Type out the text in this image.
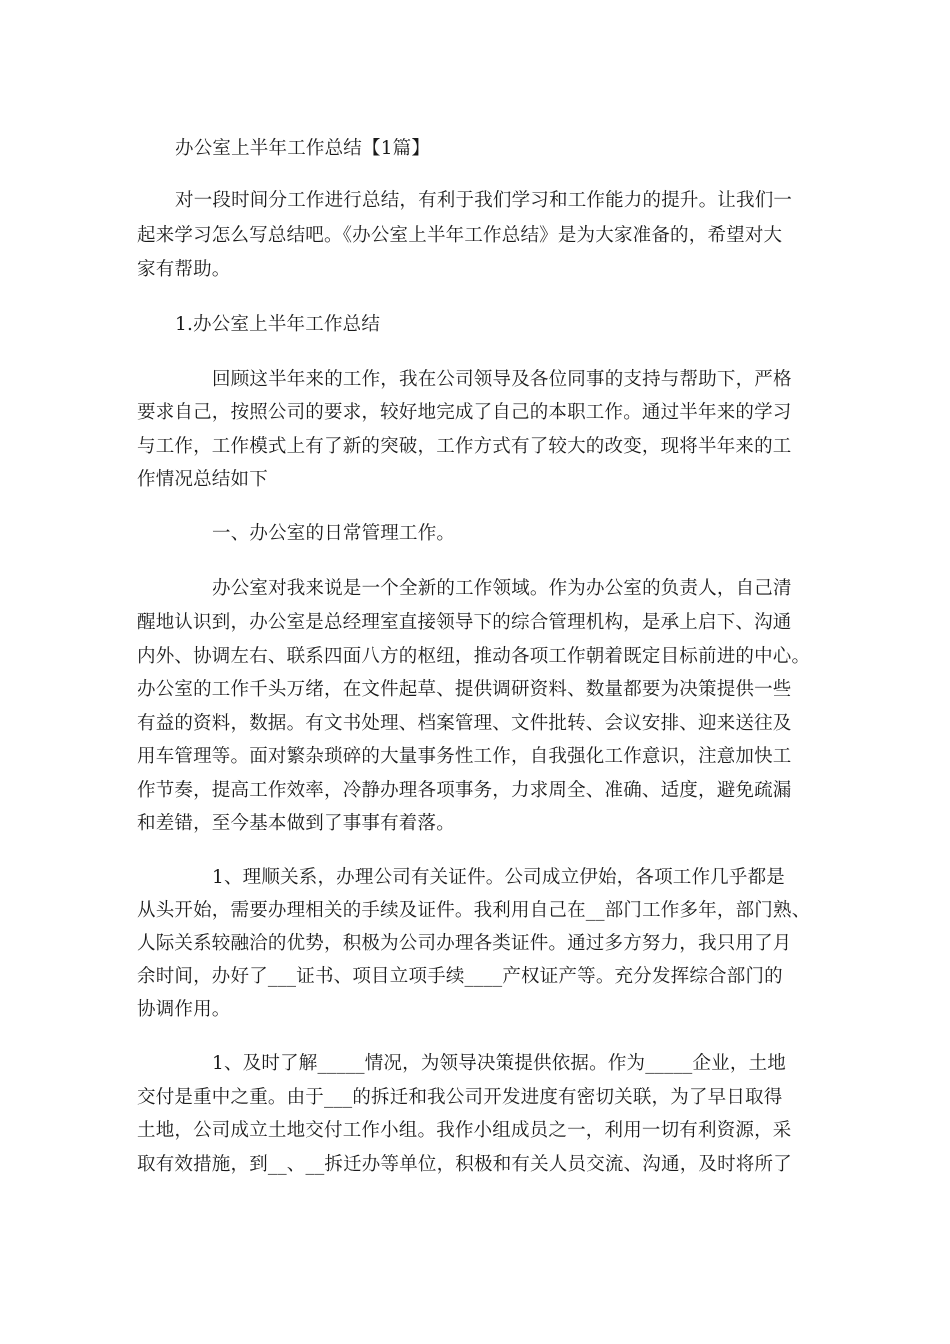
办公室上半年工作总结【1篇】
对一段时间分工作进行总结，有利于我们学习和工作能力的提升。让我们一
起来学习怎么写总结吧。《办公室上半年工作总结》是为大家准备的，希望对大
家有帮助。
1.办公室上半年工作总结
回顾这半年来的工作，我在公司领导及各位同事的支持与帮助下，严格
要求自己，按照公司的要求，较好地完成了自己的本职工作。通过半年来的学习
与工作，工作模式上有了新的突破，工作方式有了较大的改变，现将半年来的工
作情况总结如下
一、办公室的日常管理工作。
办公室对我来说是一个全新的工作领域。作为办公室的负责人，自己清
醒地认识到，办公室是总经理室直接领导下的综合管理机构，是承上启下、沟通
内外、协调左右、联系四面八方的枢纽，推动各项工作朝着既定目标前进的中心。
办公室的工作千头万绪，在文件起草、提供调研资料、数量都要为决策提供一些
有益的资料，数据。有文书处理、档案管理、文件批转、会议安排、迎来送往及
用车管理等。面对繁杂琐碎的大量事务性工作，自我强化工作意识，注意加快工
作节奏，提高工作效率，冷静办理各项事务，力求周全、准确、适度，避免疏漏
和差错，至今基本做到了事事有着落。
1、理顺关系，办理公司有关证件。公司成立伊始，各项工作几乎都是
从头开始，需要办理相关的手续及证件。我利用自己在__部门工作多年，部门熟、
人际关系较融洽的优势，积极为公司办理各类证件。通过多方努力，我只用了月
余时间，办好了___证书、项目立项手续____产权证产等。充分发挥综合部门的
协调作用。
1、及时了解_____情况，为领导决策提供依据。作为_____企业，土地
交付是重中之重。由于___的拆迁和我公司开发进度有密切关联，为了早日取得
土地，公司成立土地交付工作小组。我作小组成员之一，利用一切有利资源，采
取有效措施，到__、__拆迁办等单位，积极和有关人员交流、沟通，及时将所了
